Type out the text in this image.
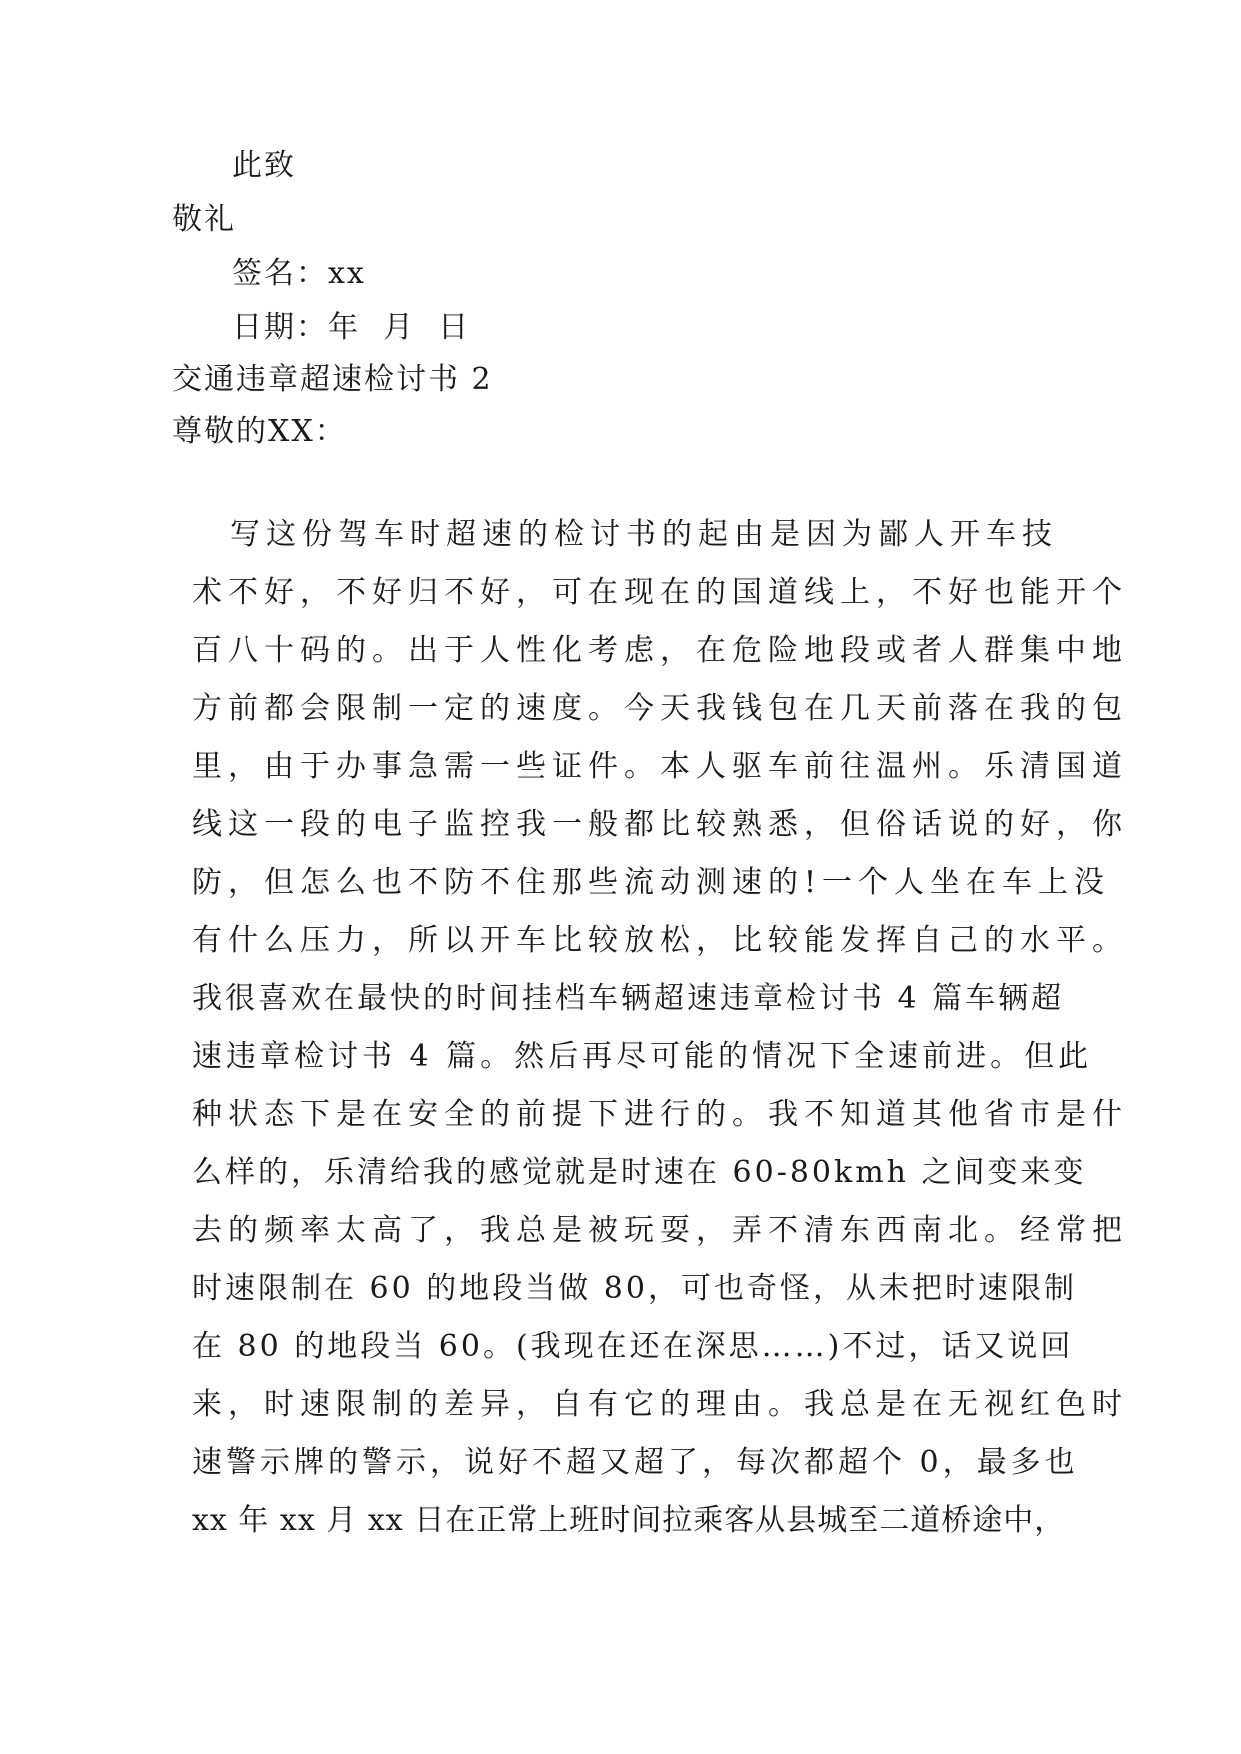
此致
敬礼
签名：xx
日期：年  月  日
交通违章超速检讨书 2
尊敬的XX：
写这份驾车时超速的检讨书的起由是因为鄙人开车技
术不好，不好归不好，可在现在的国道线上，不好也能开个
百八十码的。出于人性化考虑，在危险地段或者人群集中地
方前都会限制一定的速度。今天我钱包在几天前落在我的包
里，由于办事急需一些证件。本人驱车前往温州。乐清国道
线这一段的电子监控我一般都比较熟悉，但俗话说的好，你
防，但怎么也不防不住那些流动测速的!一个人坐在车上没
有什么压力，所以开车比较放松，比较能发挥自己的水平。
我很喜欢在最快的时间挂档车辆超速违章检讨书 4 篇车辆超
速违章检讨书 4 篇。然后再尽可能的情况下全速前进。但此
种状态下是在安全的前提下进行的。我不知道其他省市是什
么样的，乐清给我的感觉就是时速在 60-80kmh 之间变来变
去的频率太高了，我总是被玩耍，弄不清东西南北。经常把
时速限制在 60 的地段当做 80，可也奇怪，从未把时速限制
在 80 的地段当 60。(我现在还在深思……)不过，话又说回
来，时速限制的差异，自有它的理由。我总是在无视红色时
速警示牌的警示，说好不超又超了，每次都超个 0，最多也
xx 年 xx 月 xx 日在正常上班时间拉乘客从县城至二道桥途中，
